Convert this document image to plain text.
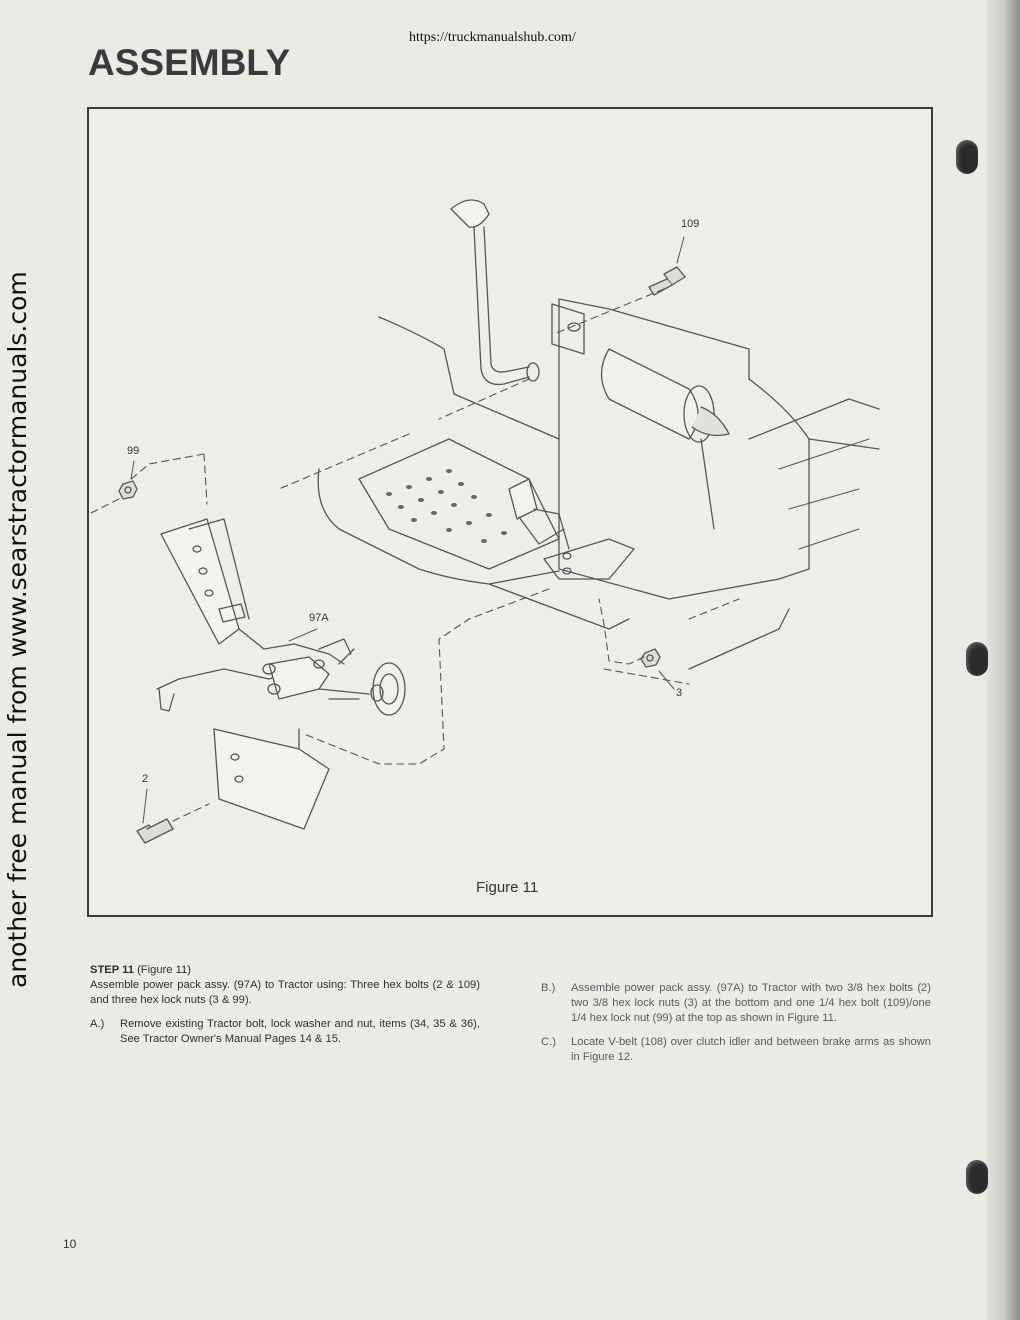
https://truckmanualshub.com/
ASSEMBLY
another free manual from www.searstractormanuals.com
109
99
97A
3
2
Figure 11

STEP 11 (Figure 11)

Assemble power pack assy. (97A) to Tractor using: Three hex bolts (2 & 109) and three hex lock nuts (3 & 99).

A.)	Remove existing Tractor bolt, lock washer and nut, items (34, 35 & 36), See Tractor Owner's Manual Pages 14 & 15.
B.)	Assemble power pack assy. (97A) to Tractor with two 3/8 hex bolts (2) two 3/8 hex lock nuts (3) at the bottom and one 1/4 hex bolt (109)/one 1/4 hex lock nut (99) at the top as shown in Figure 11.
C.)	Locate V-belt (108) over clutch idler and between brake arms as shown in Figure 12.
10
